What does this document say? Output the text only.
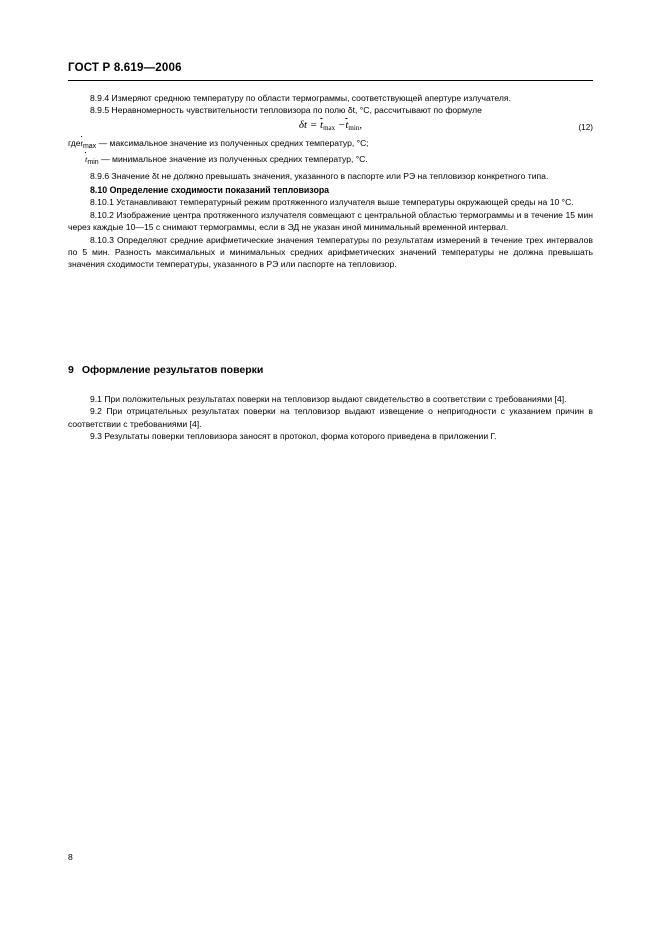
ГОСТ Р 8.619—2006

8.9.4 Измеряют среднюю температуру по области термограммы, соответствующей апертуре излучателя.

8.9.5 Неравномерность чувствительности тепловизора по полю δt, °С, рассчитывают по формуле

$\delta t = t_{max} -t_{min}$,	(12)
гдеt$_{max}$ — максимальное значение из полученных средних температур, °С;
$t_{min}$ — минимальное значение из полученных средних температур, °С.

8.9.6 Значение δt не должно превышать значения, указанного в паспорте или РЭ на тепловизор конкретного типа.

8.10 Определение сходимости показаний тепловизора

8.10.1 Устанавливают температурный режим протяженного излучателя выше температуры окружающей среды на 10 °С.

8.10.2 Изображение центра протяженного излучателя совмещают с центральной областью термограммы и в течение 15 мин через каждые 10—15 с снимают термограммы, если в ЭД не указан иной минимальный временной интервал.

8.10.3 Определяют средние арифметические значения температуры по результатам измерений в течение трех интервалов по 5 мин. Разность максимальных и минимальных средних арифметических значений температуры не должна превышать значения сходимости температуры, указанного в РЭ или паспорте на тепловизор.

9 Оформление результатов поверки

9.1 При положительных результатах поверки на тепловизор выдают свидетельство в соответствии с требованиями [4].

9.2 При отрицательных результатах поверки на тепловизор выдают извещение о непригодности с указанием причин в соответствии с требованиями [4].

9.3 Результаты поверки тепловизора заносят в протокол, форма которого приведена в приложении Г.

8
